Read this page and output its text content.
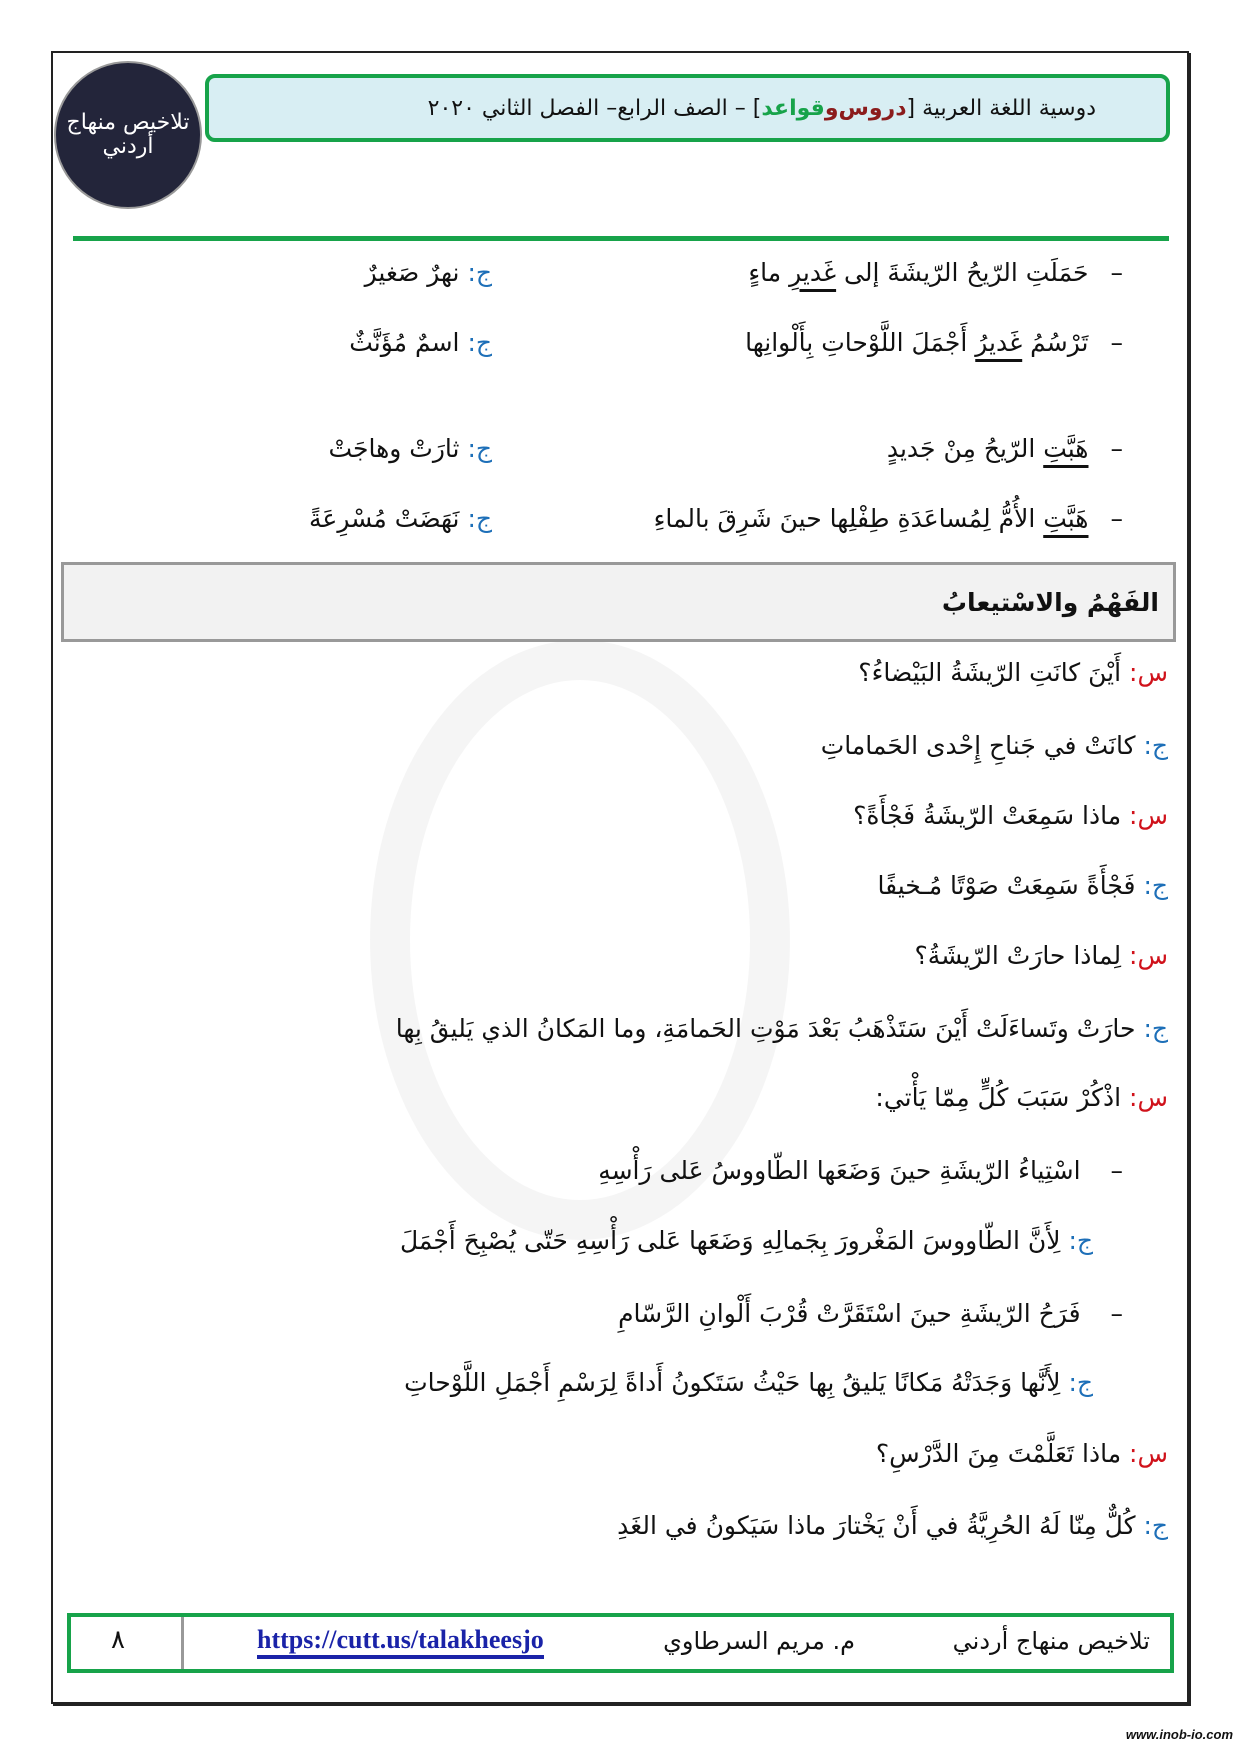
تلاخيص منهاج أردني
دوسية اللغة العربية [
دروس
و
قواعد
] – الصف الرابع– الفصل الثاني ٢٠٢٠
–حَمَلَتِ الرّيحُ الرّيشَةَ إلى غَديرِ ماءٍ
ج: نهرٌ صَغيرٌ
–تَرْسُمُ غَديرُ أَجْمَلَ اللَّوْحاتِ بِأَلْوانِها
ج: اسمٌ مُؤَنَّثٌ
–هَبَّتِ الرّيحُ مِنْ جَديدٍ
ج: ثارَتْ وهاجَتْ
–هَبَّتِ الأُمُّ لِمُساعَدَةِ طِفْلِها حينَ شَرِقَ بالماءِ
ج: نَهَضَتْ مُسْرِعَةً
الفَهْمُ والاسْتيعابُ
س: أَيْنَ كانَتِ الرّيشَةُ البَيْضاءُ؟
ج: كانَتْ في جَناحِ إِحْدى الحَماماتِ
س: ماذا سَمِعَتْ الرّيشَةُ فَجْأَةً؟
ج: فَجْأَةً سَمِعَتْ صَوْتًا مُـخيفًا
س: لِماذا حارَتْ الرّيشَةُ؟
ج: حارَتْ وتَساءَلَتْ أَيْنَ سَتَذْهَبُ بَعْدَ مَوْتِ الحَمامَةِ، وما المَكانُ الذي يَليقُ بِها
س: اذْكُرْ سَبَبَ كُلٍّ مِمّا يَأْتي:
– اسْتِياءُ الرّيشَةِ حينَ وَضَعَها الطّاووسُ عَلى رَأْسِهِ
ج: لِأَنَّ الطّاووسَ المَغْرورَ بِجَمالِهِ وَضَعَها عَلى رَأْسِهِ حَتّى يُصْبِحَ أَجْمَلَ
– فَرَحُ الرّيشَةِ حينَ اسْتَقَرَّتْ قُرْبَ أَلْوانِ الرَّسّامِ
ج: لِأَنَّها وَجَدَتْهُ مَكانًا يَليقُ بِها حَيْثُ سَتَكونُ أَداةً لِرَسْمِ أَجْمَلِ اللَّوْحاتِ
س: ماذا تَعَلَّمْتَ مِنَ الدَّرْسِ؟
ج: كُلٌّ مِنّا لَهُ الحُرِيَّةُ في أَنْ يَخْتارَ ماذا سَيَكونُ في الغَدِ
تلاخيص منهاج أردني
م. مريم السرطاوي
https://cutt.us/talakheesjo
٨
www.inob-io.com
